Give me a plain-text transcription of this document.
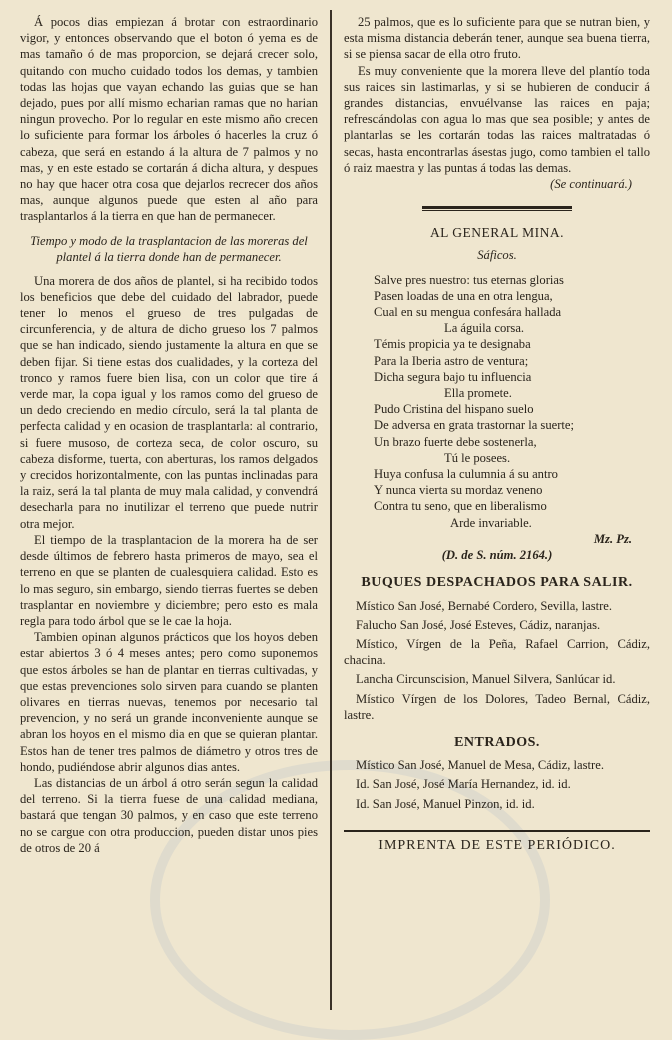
Á pocos dias empiezan á brotar con estraordinario vigor, y entonces observando que el boton ó yema es de mas tamaño ó de mas proporcion, se dejará crecer solo, quitando con mucho cuidado todos los demas, y tambien todas las hojas que vayan echando las guias que se han dejado, pues por allí mismo echarian ramas que no harian ningun provecho. Por lo regular en este mismo año crecen lo suficiente para formar los árboles ó hacerles la cruz ó cabeza, que será en estando á la altura de 7 palmos y no mas, y en este estado se cortarán á dicha altura, y despues no hay que hacer otra cosa que dejarlos recrecer dos años mas, aunque algunos puede que esten al año para trasplantarlos á la tierra en que han de permanecer.

Tiempo y modo de la trasplantacion de las moreras del plantel á la tierra donde han de permanecer.

Una morera de dos años de plantel, si ha recibido todos los beneficios que debe del cuidado del labrador, puede tener lo menos el grueso de tres pulgadas de circunferencia, y de altura de dicho grueso los 7 palmos que se han indicado, siendo justamente la altura en que se deben fijar. Si tiene estas dos cualidades, y la corteza del tronco y ramos fuere bien lisa, con un color que tire á verde mar, la copa igual y los ramos como del grueso de un dedo creciendo en medio círculo, será la tal planta de perfecta calidad y en ocasion de trasplantarla: al contrario, si fuere musoso, de corteza seca, de color oscuro, su cabeza disforme, tuerta, con aberturas, los ramos delgados y crecidos horizontalmente, con las puntas inclinadas para la raiz, será la tal planta de muy mala calidad, y convendrá desecharla para no inutilizar el terreno que puede nutrir otra mejor.

El tiempo de la trasplantacion de la morera ha de ser desde últimos de febrero hasta primeros de mayo, sea el terreno en que se planten de cualesquiera calidad. Esto es lo mas seguro, sin embargo, siendo tierras fuertes se deben trasplantar en noviembre y diciembre; pero esto es mala regla para todo árbol que se le cae la hoja.

Tambien opinan algunos prácticos que los hoyos deben estar abiertos 3 ó 4 meses antes; pero como suponemos que estos árboles se han de plantar en tierras cultivadas, y que estas prevenciones solo sirven para cuando se planten olivares en tierras nuevas, tenemos por necesario tal prevencion, y no será un grande inconveniente aunque se abran los hoyos en el mismo dia en que se quieran plantar. Estos han de tener tres palmos de diámetro y otros tres de hondo, pudiéndose abrir algunos dias antes.

Las distancias de un árbol á otro serán segun la calidad del terreno. Si la tierra fuese de una calidad mediana, bastará que tengan 30 palmos, y en caso que este terreno no se cargue con otra produccion, pueden distar unos pies de otros de 20 á

25 palmos, que es lo suficiente para que se nutran bien, y esta misma distancia deberán tener, aunque sea buena tierra, si se piensa sacar de ella otro fruto.

Es muy conveniente que la morera lleve del plantío toda sus raices sin lastimarlas, y si se hubieren de conducir á grandes distancias, envuélvanse las raices en paja; refrescándolas con agua lo mas que sea posible; y antes de plantarlas se les cortarán todas las raices maltratadas ó secas, hasta encontrarlas ásestas jugo, como tambien el tallo ó raiz maestra y las puntas á todas las demas.

(Se continuará.)
AL GENERAL MINA.
Sáficos.
Salve pres nuestro: tus eternas glorias
Pasen loadas de una en otra lengua,
Cual en su mengua confesára hallada
La águila corsa.
Témis propicia ya te designaba
Para la Iberia astro de ventura;
Dicha segura bajo tu influencia
Ella promete.
Pudo Cristina del hispano suelo
De adversa en grata trastornar la suerte;
Un brazo fuerte debe sostenerla,
Tú le posees.
Huya confusa la culumnia á su antro
Y nunca vierta su mordaz veneno
Contra tu seno, que en liberalismo
Arde invariable.
Mz. Pz.
(D. de S. núm. 2164.)
BUQUES DESPACHADOS PARA SALIR.

Místico San José, Bernabé Cordero, Sevilla, lastre.

Falucho San José, José Esteves, Cádiz, naranjas.

Místico, Vírgen de la Peña, Rafael Carrion, Cádiz, chacina.

Lancha Circunscision, Manuel Silvera, Sanlúcar id.

Místico Vírgen de los Dolores, Tadeo Bernal, Cádiz, lastre.

ENTRADOS.

Místico San José, Manuel de Mesa, Cádiz, lastre.

Id. San José, José María Hernandez, id. id.

Id. San José, Manuel Pinzon, id. id.

IMPRENTA DE ESTE PERIÓDICO.
